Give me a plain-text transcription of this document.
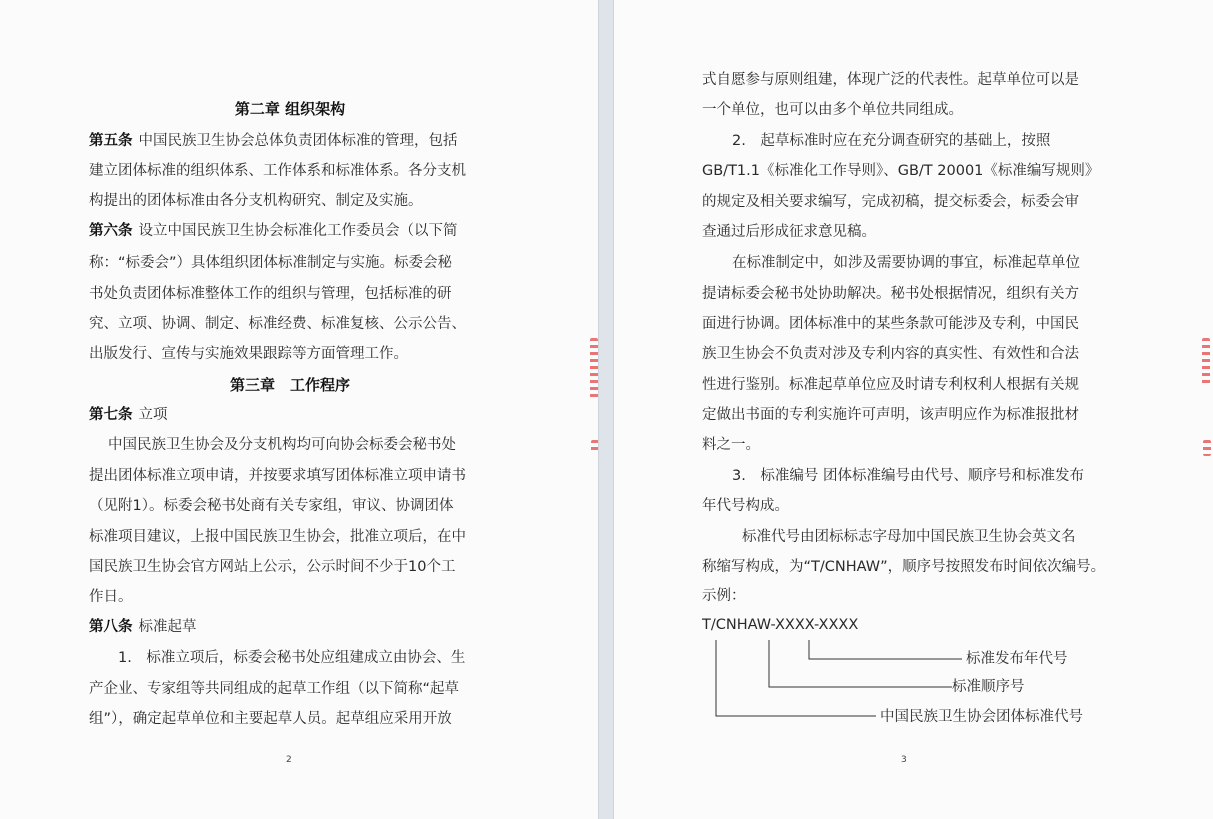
第二章 组织架构
第五条 中国民族卫生协会总体负责团体标准的管理，包括
建立团体标准的组织体系、工作体系和标准体系。各分支机
构提出的团体标准由各分支机构研究、制定及实施。
第六条 设立中国民族卫生协会标准化工作委员会（以下简
称：“标委会”）具体组织团体标准制定与实施。标委会秘
书处负责团体标准整体工作的组织与管理，包括标准的研
究、立项、协调、制定、标准经费、标准复核、公示公告、
出版发行、宣传与实施效果跟踪等方面管理工作。
第三章　工作程序
第七条 立项
中国民族卫生协会及分支机构均可向协会标委会秘书处
提出团体标准立项申请，并按要求填写团体标准立项申请书
（见附1）。标委会秘书处商有关专家组，审议、协调团体
标准项目建议，上报中国民族卫生协会，批准立项后，在中
国民族卫生协会官方网站上公示，公示时间不少于10个工
作日。
第八条 标准起草
1.　标准立项后，标委会秘书处应组建成立由协会、生
产企业、专家组等共同组成的起草工作组（以下简称“起草
组”），确定起草单位和主要起草人员。起草组应采用开放
2
式自愿参与原则组建，体现广泛的代表性。起草单位可以是
一个单位，也可以由多个单位共同组成。
2.　起草标准时应在充分调查研究的基础上，按照
GB/T1.1《标准化工作导则》、GB/T 20001《标准编写规则》
的规定及相关要求编写，完成初稿，提交标委会，标委会审
查通过后形成征求意见稿。
在标准制定中，如涉及需要协调的事宜，标准起草单位
提请标委会秘书处协助解决。秘书处根据情况，组织有关方
面进行协调。团体标准中的某些条款可能涉及专利，中国民
族卫生协会不负责对涉及专利内容的真实性、有效性和合法
性进行鉴别。标准起草单位应及时请专利权利人根据有关规
定做出书面的专利实施许可声明，该声明应作为标准报批材
料之一。
3.　标准编号 团体标准编号由代号、顺序号和标准发布
年代号构成。
标准代号由团标标志字母加中国民族卫生协会英文名
称缩写构成，为“T/CNHAW”，顺序号按照发布时间依次编号。
示例：
T/CNHAW-XXXX-XXXX
标准发布年代号
标准顺序号
中国民族卫生协会团体标准代号
3
